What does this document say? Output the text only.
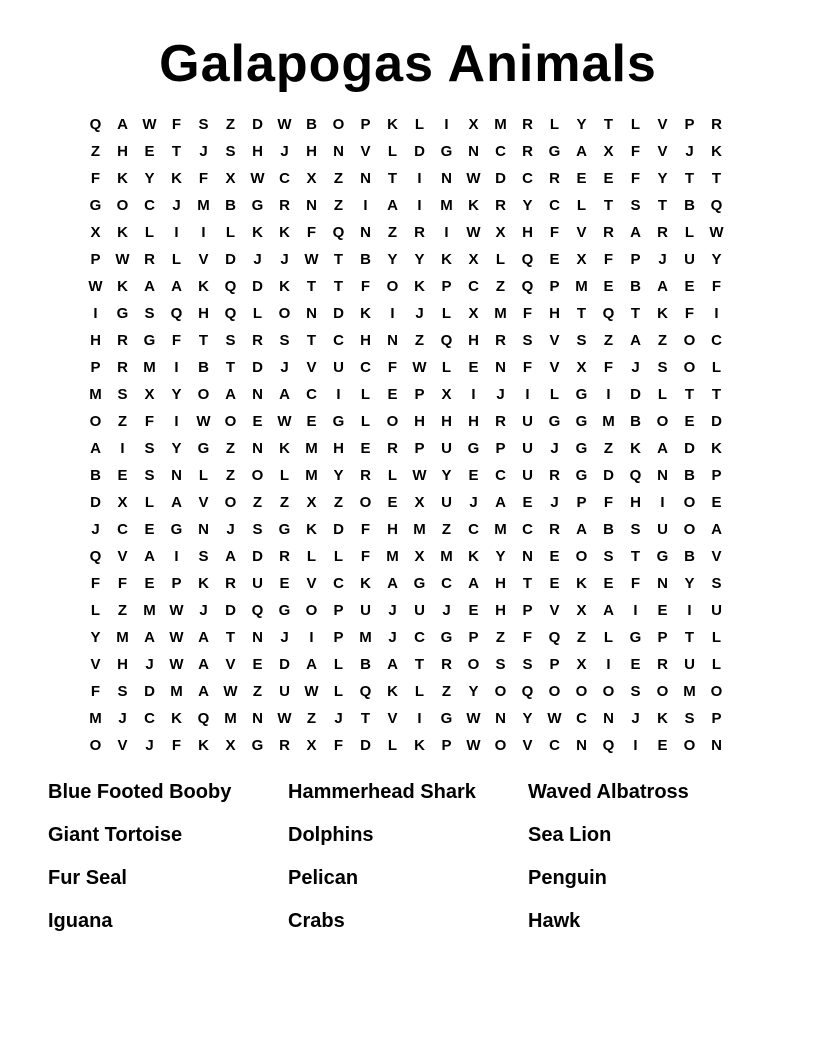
Galapogas Animals
Q	A W	F	S	Z	D W B	O	P	K	L	I	X	M	R	L	Y	T	L	V	P	R
Z	H	E	T	J	S	H	J	H	N	V	L	D	G	N	C	R	G	A	X	F	V	J	K
F	K	Y	K	F	X W C	X	Z	N	T	I	N W D	C	R	E	E	F	Y	T	T
G	O	C	J	M	B	G	R	N	Z	I	A	I	M	K	R	Y	C	L	T	S	T	B	Q
X	K	L	I	I	L	K	K	F	Q	N	Z	R	I	W X	H	F	V	R	A	R	L	W
P W R	L	V	D	J	J	W	T	B	Y	Y	K	X	L	Q	E	X	F	P	J	U	Y
W K	A	A	K	Q	D	K	T	T	F	O	K	P	C	Z	Q	P	M	E	B	A	E	F
I	G	S	Q	H	Q	L	O	N	D	K	I	J	L	X	M	F	H	T	Q	T	K	F	I
H	R	G	F	T	S	R	S	T	C	H	N	Z	Q	H	R	S	V	S	Z	A	Z	O	C
P	R	M	I	B	T	D	J	V	U	C	F	W	L	E	N	F	V	X	F	J	S	O	L
M	S	X	Y	O	A	N	A	C	I	L	E	P	X	I	J	I	L	G	I	D	L	T	T
O	Z	F	I	W O	E W E	G	L	O	H	H	H	R	U	G	G M	B	O	E	D
A	I	S	Y	G	Z	N	K	M	H	E	R	P	U	G	P	U	J	G	Z	K	A	D	K
B	E	S	N	L	Z	O	L	M	Y	R	L	W Y	E	C	U	R	G	D	Q	N	B	P
D	X	L	A	V	O	Z	Z	X	Z	O	E	X	U	J	A	E	J	P	F	H	I	O	E
J	C	E	G	N	J	S	G	K	D	F	H	M	Z	C	M	C	R	A	B	S	U	O	A
Q	V	A	I	S	A	D	R	L	L	F	M	X	M	K	Y	N	E	O	S	T	G	B	V
F	F	E	P	K	R	U	E	V	C	K	A	G	C	A	H	T	E	K	E	F	N	Y	S
L	Z	M W	J	D	Q	G	O	P	U	J	U	J	E	H	P	V	X	A	I	E	I	U
Y	M	A W A	T	N	J	I	P	M	J	C	G	P	Z	F	Q	Z	L	G	P	T	L
V	H	J	W A	V	E	D	A	L	B	A	T	R	O	S	S	P	X	I	E	R	U	L
F	S	D	M	A W	Z	U W	L	Q	K	L	Z	Y	O	Q	O	O	O	S	O M O
M	J	C	K	Q M	N W	Z	J	T	V	I	G W N	Y W C	N	J	K	S	P
O	V	J	F	K	X	G	R	X	F	D	L	K	P W O	V	C	N	Q	I	E	O	N
Blue Footed Booby	Hammerhead Shark	Waved Albatross
Giant Tortoise	Dolphins	Sea Lion
Fur Seal	Pelican	Penguin
Iguana	Crabs	Hawk
